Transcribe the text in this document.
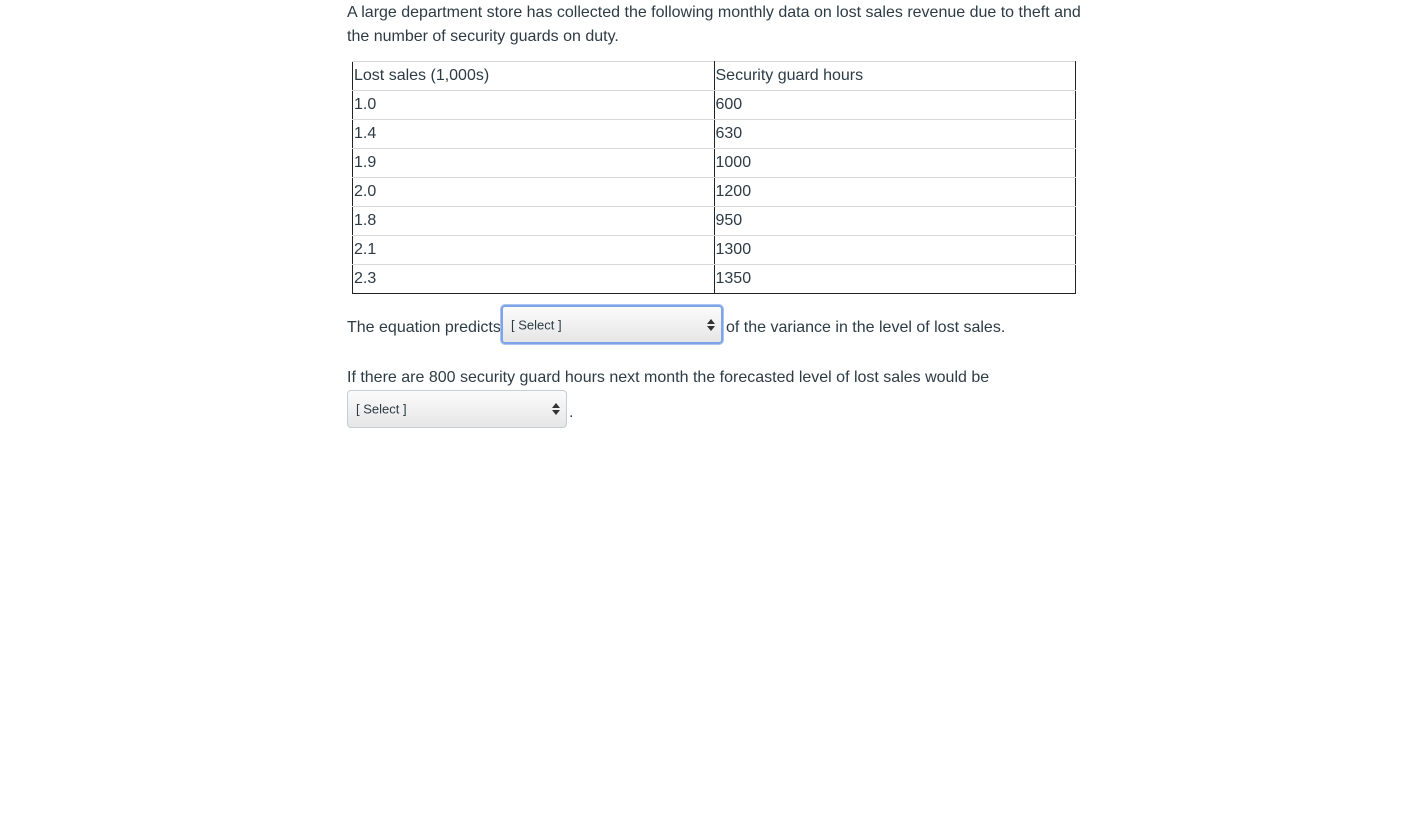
A large department store has collected the following monthly data on lost sales revenue due to theft and the number of security guards on duty.

Lost sales (1,000s)	Security guard hours
1.0	600
1.4	630
1.9	1000
2.0	1200
1.8	950
2.1	1300
2.3	1350
The equation predicts [ Select ]	of the variance in the level of lost sales.
If there are 800 security guard hours next month the forecasted level of lost sales would be
[ Select ]	.
